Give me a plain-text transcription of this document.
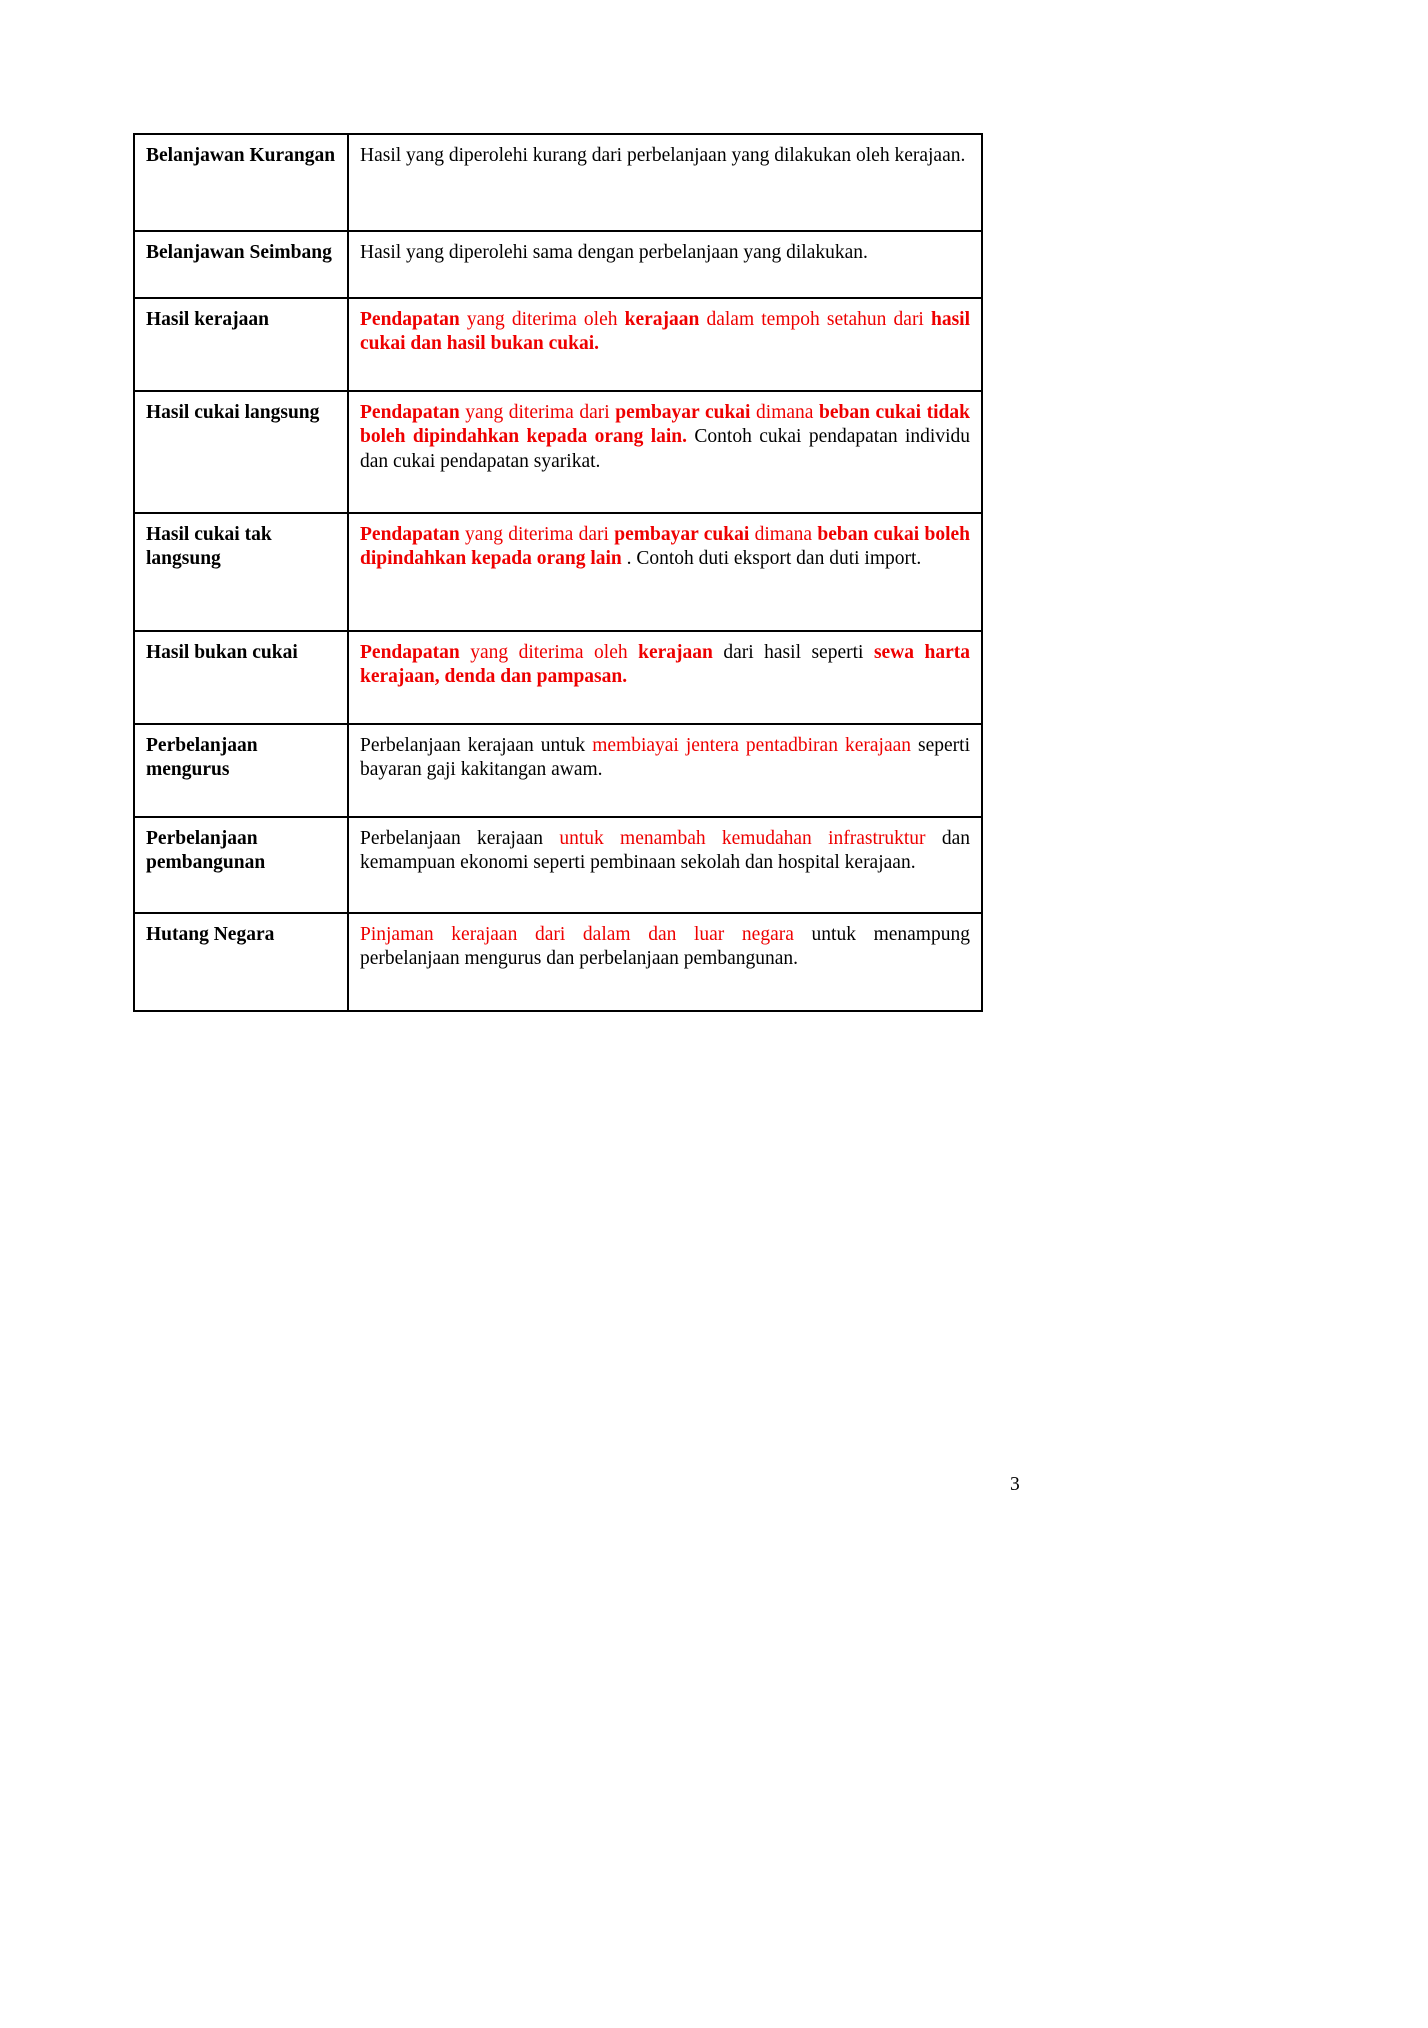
Belanjawan Kurangan	Hasil yang diperolehi kurang dari perbelanjaan yang dilakukan oleh kerajaan.
Belanjawan Seimbang	Hasil yang diperolehi sama dengan perbelanjaan yang dilakukan.
Hasil kerajaan	Pendapatan yang diterima oleh kerajaan dalam tempoh setahun dari hasil cukai dan hasil bukan cukai.
Hasil cukai langsung	Pendapatan yang diterima dari pembayar cukai dimana beban cukai tidak boleh dipindahkan kepada orang lain. Contoh cukai pendapatan individu dan cukai pendapatan syarikat.
Hasil cukai tak langsung	Pendapatan yang diterima dari pembayar cukai dimana beban cukai boleh dipindahkan kepada orang lain . Contoh duti eksport dan duti import.
Hasil bukan cukai	Pendapatan yang diterima oleh kerajaan dari hasil seperti sewa harta kerajaan, denda dan pampasan.
Perbelanjaan mengurus	Perbelanjaan kerajaan untuk membiayai jentera pentadbiran kerajaan seperti bayaran gaji kakitangan awam.
Perbelanjaan pembangunan	Perbelanjaan kerajaan untuk menambah kemudahan infrastruktur dan kemampuan ekonomi seperti pembinaan sekolah dan hospital kerajaan.
Hutang Negara	Pinjaman kerajaan dari dalam dan luar negara untuk menampung perbelanjaan mengurus dan perbelanjaan pembangunan.
3
